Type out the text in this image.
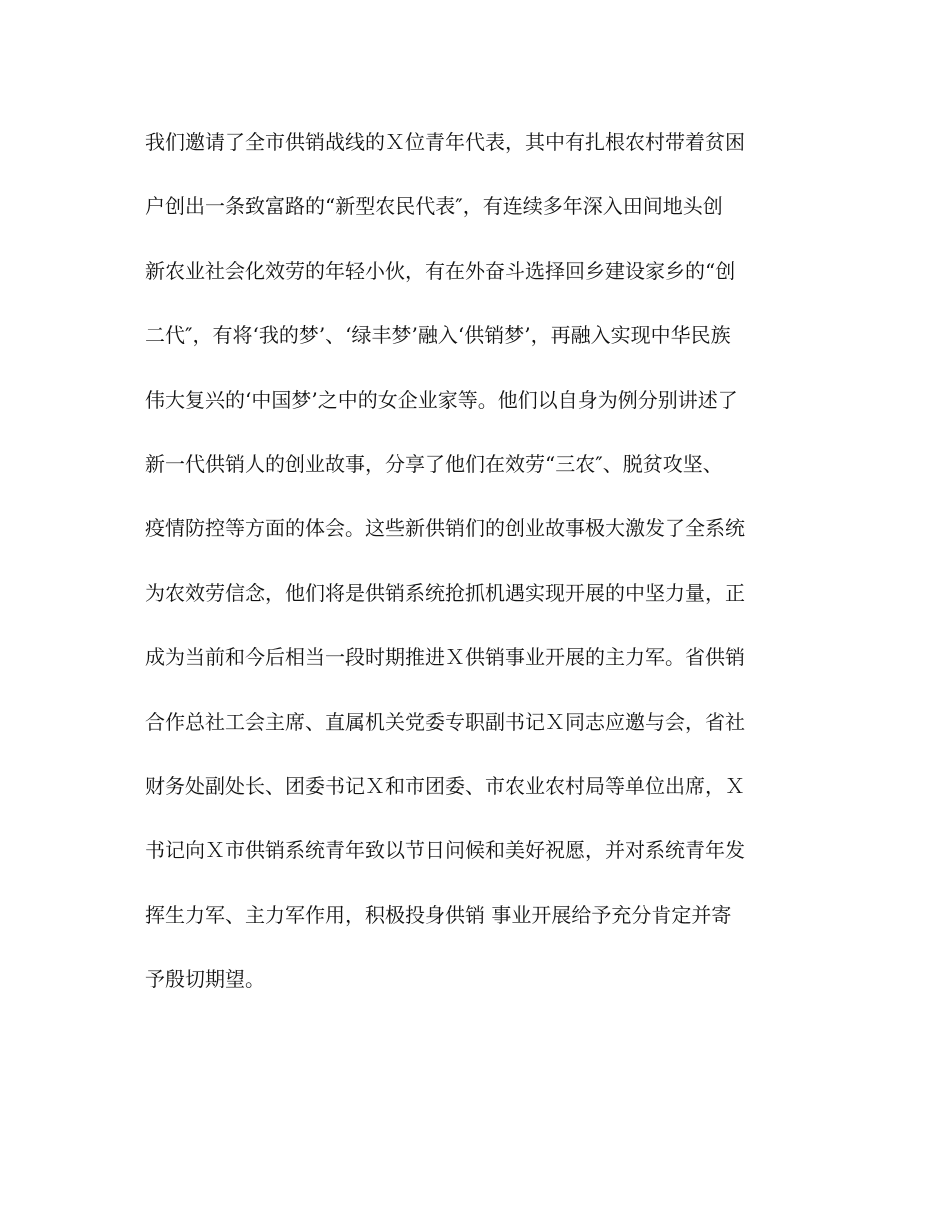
我们邀请了全市供销战线的Ｘ位青年代表，其中有扎根农村带着贫困
户创出一条致富路的“新型农民代表″，有连续多年深入田间地头创
新农业社会化效劳的年轻小伙，有在外奋斗选择回乡建设家乡的“创
二代″，有将‘我的梦’、‘绿丰梦’融入‘供销梦’，再融入实现中华民族
伟大复兴的‘中国梦’之中的女企业家等。他们以自身为例分别讲述了
新一代供销人的创业故事，分享了他们在效劳“三农″、脱贫攻坚、
疫情防控等方面的体会。这些新供销们的创业故事极大激发了全系统
为农效劳信念，他们将是供销系统抢抓机遇实现开展的中坚力量，正
成为当前和今后相当一段时期推进Ｘ供销事业开展的主力军。省供销
合作总社工会主席、直属机关党委专职副书记Ｘ同志应邀与会，省社
财务处副处长、团委书记Ｘ和市团委、市农业农村局等单位出席，Ｘ
书记向Ｘ市供销系统青年致以节日问候和美好祝愿，并对系统青年发
挥生力军、主力军作用，积极投身供销 事业开展给予充分肯定并寄
予殷切期望。
